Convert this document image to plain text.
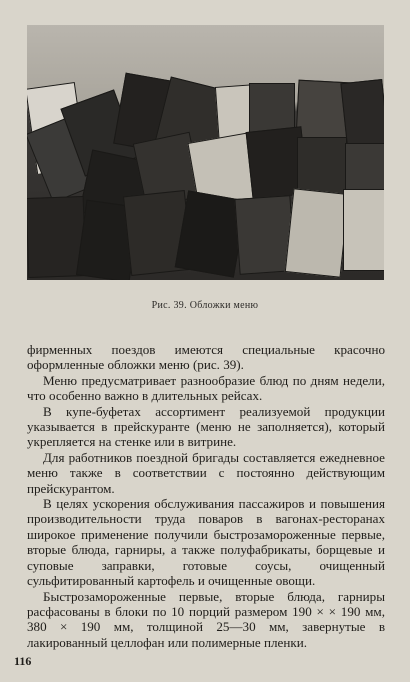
Рис. 39. Обложки меню

фирменных поездов имеются специальные красочно оформленные обложки меню (рис. 39).

Меню предусматривает разнообразие блюд по дням недели, что особенно важно в длительных рейсах.

В купе-буфетах ассортимент реализуемой продукции указывается в прейскуранте (меню не заполняется), который укрепляется на стенке или в витрине.

Для работников поездной бригады составляется ежедневное меню также в соответствии с постоянно действующим прейскурантом.

В целях ускорения обслуживания пассажиров и повышения производительности труда поваров в вагонах-ресторанах широкое применение получили быстрозамороженные первые, вторые блюда, гарниры, а также полуфабрикаты, борщевые и суповые заправки, готовые соусы, очищенный сульфитированный картофель и очищенные овощи.

Быстрозамороженные первые, вторые блюда, гарниры расфасованы в блоки по 10 порций размером 190 × × 190 мм, 380 × 190 мм, толщиной 25—30 мм, завернутые в лакированный целлофан или полимерные пленки.

116
